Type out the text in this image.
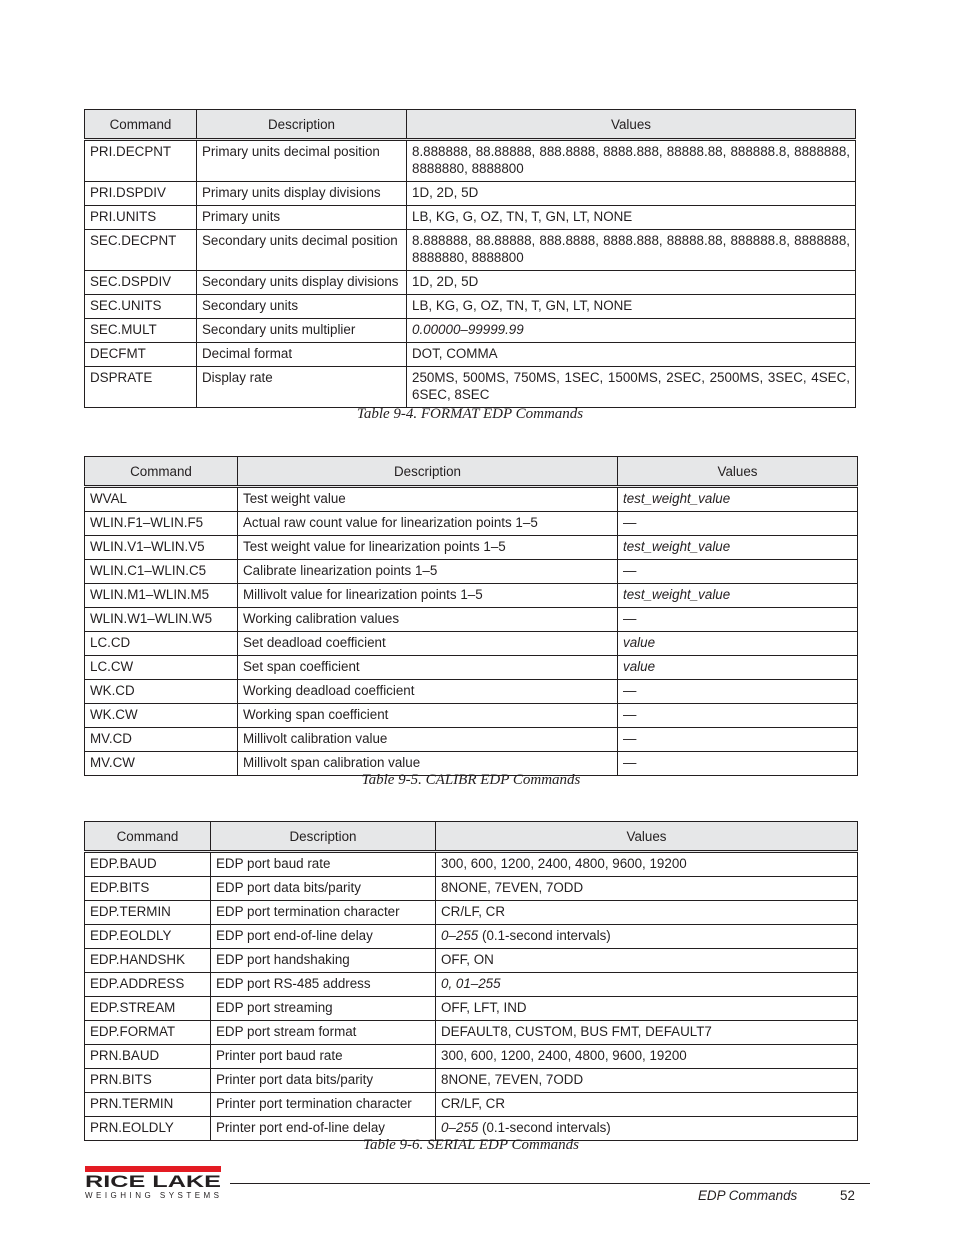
Command	Description	Values
PRI.DECPNT	Primary units decimal position	8.888888, 88.88888, 888.8888, 8888.888, 88888.88, 888888.8, 8888888, 8888880, 8888800
PRI.DSPDIV	Primary units display divisions	1D, 2D, 5D
PRI.UNITS	Primary units	LB, KG, G, OZ, TN, T, GN, LT, NONE
SEC.DECPNT	Secondary units decimal position	8.888888, 88.88888, 888.8888, 8888.888, 88888.88, 888888.8, 8888888, 8888880, 8888800
SEC.DSPDIV	Secondary units display divisions	1D, 2D, 5D
SEC.UNITS	Secondary units	LB, KG, G, OZ, TN, T, GN, LT, NONE
SEC.MULT	Secondary units multiplier	0.00000–99999.99
DECFMT	Decimal format	DOT, COMMA
DSPRATE	Display rate	250MS, 500MS, 750MS, 1SEC, 1500MS, 2SEC, 2500MS, 3SEC, 4SEC, 6SEC, 8SEC
Table 9-4. FORMAT EDP Commands
Command	Description	Values
WVAL	Test weight value	test_weight_value
WLIN.F1–WLIN.F5	Actual raw count value for linearization points 1–5	—
WLIN.V1–WLIN.V5	Test weight value for linearization points 1–5	test_weight_value
WLIN.C1–WLIN.C5	Calibrate linearization points 1–5	—
WLIN.M1–WLIN.M5	Millivolt value for linearization points 1–5	test_weight_value
WLIN.W1–WLIN.W5	Working calibration values	—
LC.CD	Set deadload coefficient	value
LC.CW	Set span coefficient	value
WK.CD	Working deadload coefficient	—
WK.CW	Working span coefficient	—
MV.CD	Millivolt calibration value	—
MV.CW	Millivolt span calibration value	—
Table 9-5. CALIBR EDP Commands
Command	Description	Values
EDP.BAUD	EDP port baud rate	300, 600, 1200, 2400, 4800, 9600, 19200
EDP.BITS	EDP port data bits/parity	8NONE, 7EVEN, 7ODD
EDP.TERMIN	EDP port termination character	CR/LF, CR
EDP.EOLDLY	EDP port end-of-line delay	0–255 (0.1-second intervals)
EDP.HANDSHK	EDP port handshaking	OFF, ON
EDP.ADDRESS	EDP port RS-485 address	0, 01–255
EDP.STREAM	EDP port streaming	OFF, LFT, IND
EDP.FORMAT	EDP port stream format	DEFAULT8, CUSTOM, BUS FMT, DEFAULT7
PRN.BAUD	Printer port baud rate	300, 600, 1200, 2400, 4800, 9600, 19200
PRN.BITS	Printer port data bits/parity	8NONE, 7EVEN, 7ODD
PRN.TERMIN	Printer port termination character	CR/LF, CR
PRN.EOLDLY	Printer port end-of-line delay	0–255 (0.1-second intervals)
Table 9-6. SERIAL EDP Commands
RICE LAKE
WEIGHING SYSTEMS	EDP Commands	52
